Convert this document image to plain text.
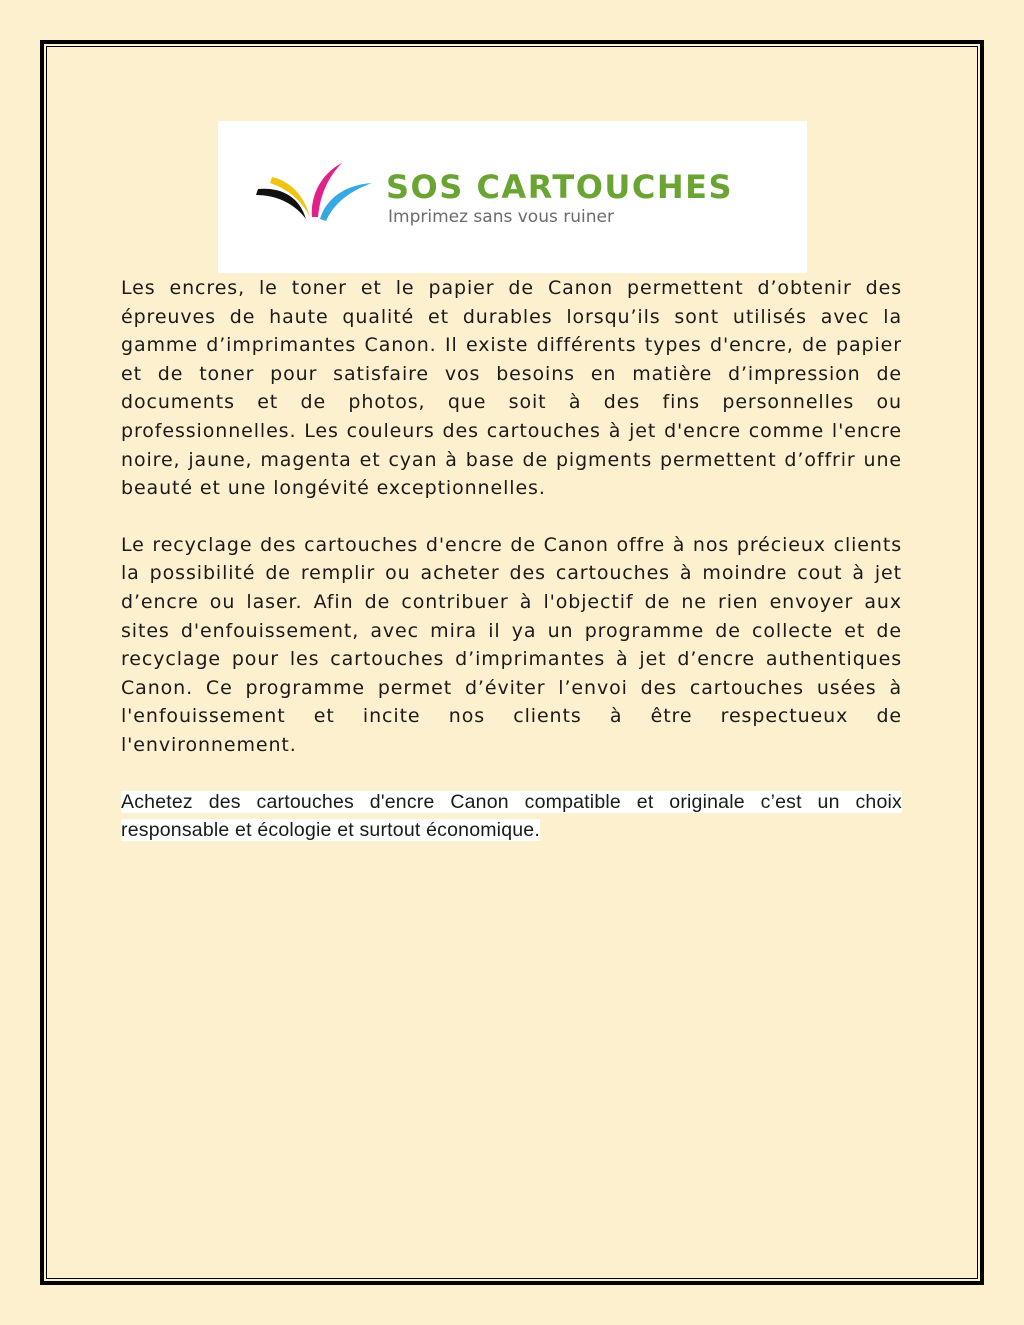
SOS CARTOUCHES
Imprimez sans vous ruiner

Les encres, le toner et le papier de Canon permettent d’obtenir des épreuves de haute qualité et durables lorsqu’ils sont utilisés avec la gamme d’imprimantes Canon. Il existe différents types d'encre, de papier et de toner pour satisfaire vos besoins en matière d’impression de documents et de photos, que soit à des fins personnelles ou professionnelles. Les couleurs des cartouches à jet d'encre comme l'encre noire, jaune, magenta et cyan à base de pigments permettent d’offrir une beauté et une longévité exceptionnelles.

Le recyclage des cartouches d'encre de Canon offre à nos précieux clients la possibilité de remplir ou acheter des cartouches à moindre cout à jet d’encre ou laser. Afin de contribuer à l'objectif de ne rien envoyer aux sites d'enfouissement, avec mira il ya un programme de collecte et de recyclage pour les cartouches d’imprimantes à jet d’encre authentiques Canon. Ce programme permet d’éviter l’envoi des cartouches usées à l'enfouissement et incite nos clients à être respectueux de l'environnement.

Achetez des cartouches d'encre Canon compatible et originale c’est un choix responsable et écologie et surtout économique.
